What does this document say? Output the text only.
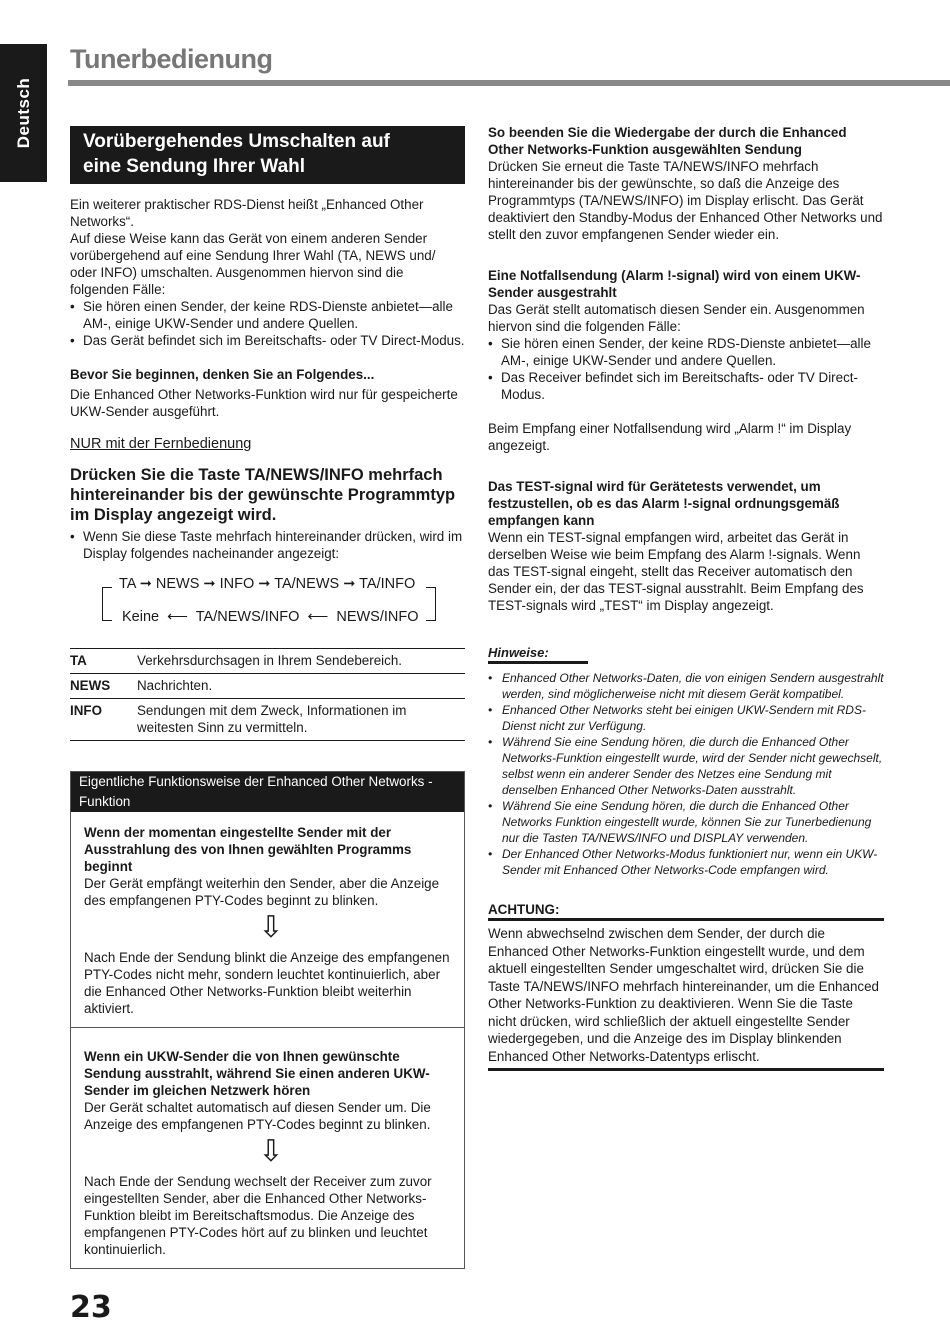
Deutsch
Tunerbedienung
Vorübergehendes Umschalten auf
eine Sendung Ihrer Wahl

Ein weiterer praktischer RDS-Dienst heißt „Enhanced Other Networks“.

Auf diese Weise kann das Gerät von einem anderen Sender vorübergehend auf eine Sendung Ihrer Wahl (TA, NEWS und/ oder INFO) umschalten. Ausgenommen hiervon sind die folgenden Fälle:

• Sie hören einen Sender, der keine RDS-Dienste anbietet—alle AM-, einige UKW-Sender und andere Quellen.
• Das Gerät befindet sich im Bereitschafts- oder TV Direct-Modus.

Bevor Sie beginnen, denken Sie an Folgendes...

Die Enhanced Other Networks-Funktion wird nur für gespeicherte UKW-Sender ausgeführt.

NUR mit der Fernbedienung

Drücken Sie die Taste TA/NEWS/INFO mehrfach hintereinander bis der gewünschte Programmtyp im Display angezeigt wird.

• Wenn Sie diese Taste mehrfach hintereinander drücken, wird im Display folgendes nacheinander angezeigt:
TA ➞ NEWS ➞ INFO ➞ TA/NEWS ➞ TA/INFO
Keine  ⟵  TA/NEWS/INFO  ⟵  NEWS/INFO
TA	Verkehrsdurchsagen in Ihrem Sendebereich.
NEWS	Nachrichten.
INFO	Sendungen mit dem Zweck, Informationen im weitesten Sinn zu vermitteln.
Eigentliche Funktionsweise der Enhanced Other Networks -Funktion

Wenn der momentan eingestellte Sender mit der Ausstrahlung des von Ihnen gewählten Programms beginnt

Der Gerät empfängt weiterhin den Sender, aber die Anzeige des empfangenen PTY-Codes beginnt zu blinken.

⇩

Nach Ende der Sendung blinkt die Anzeige des empfangenen PTY-Codes nicht mehr, sondern leuchtet kontinuierlich, aber die Enhanced Other Networks-Funktion bleibt weiterhin aktiviert.

Wenn ein UKW-Sender die von Ihnen gewünschte Sendung ausstrahlt, während Sie einen anderen UKW-Sender im gleichen Netzwerk hören

Der Gerät schaltet automatisch auf diesen Sender um. Die Anzeige des empfangenen PTY-Codes beginnt zu blinken.

⇩

Nach Ende der Sendung wechselt der Receiver zum zuvor eingestellten Sender, aber die Enhanced Other Networks-Funktion bleibt im Bereitschaftsmodus. Die Anzeige des empfangenen PTY-Codes hört auf zu blinken und leuchtet kontinuierlich.

So beenden Sie die Wiedergabe der durch die Enhanced Other Networks-Funktion ausgewählten Sendung

Drücken Sie erneut die Taste TA/NEWS/INFO mehrfach hintereinander bis der gewünschte, so daß die Anzeige des Programmtyps (TA/NEWS/INFO) im Display erlischt. Das Gerät deaktiviert den Standby-Modus der Enhanced Other Networks und stellt den zuvor empfangenen Sender wieder ein.

Eine Notfallsendung (Alarm !-signal) wird von einem UKW-Sender ausgestrahlt

Das Gerät stellt automatisch diesen Sender ein. Ausgenommen hiervon sind die folgenden Fälle:

• Sie hören einen Sender, der keine RDS-Dienste anbietet—alle AM-, einige UKW-Sender und andere Quellen.
• Das Receiver befindet sich im Bereitschafts- oder TV Direct-Modus.

Beim Empfang einer Notfallsendung wird „Alarm !“ im Display angezeigt.

Das TEST-signal wird für Gerätetests verwendet, um festzustellen, ob es das Alarm !-signal ordnungsgemäß empfangen kann

Wenn ein TEST-signal empfangen wird, arbeitet das Gerät in derselben Weise wie beim Empfang des Alarm !-signals. Wenn das TEST-signal eingeht, stellt das Receiver automatisch den Sender ein, der das TEST-signal ausstrahlt. Beim Empfang des TEST-signals wird „TEST“ im Display angezeigt.

Hinweise:
• Enhanced Other Networks-Daten, die von einigen Sendern ausgestrahlt werden, sind möglicherweise nicht mit diesem Gerät kompatibel.
• Enhanced Other Networks steht bei einigen UKW-Sendern mit RDS-Dienst nicht zur Verfügung.
• Während Sie eine Sendung hören, die durch die Enhanced Other Networks-Funktion eingestellt wurde, wird der Sender nicht gewechselt, selbst wenn ein anderer Sender des Netzes eine Sendung mit denselben Enhanced Other Networks-Daten ausstrahlt.
• Während Sie eine Sendung hören, die durch die Enhanced Other Networks Funktion eingestellt wurde, können Sie zur Tunerbedienung nur die Tasten TA/NEWS/INFO und DISPLAY verwenden.
• Der Enhanced Other Networks-Modus funktioniert nur, wenn ein UKW-Sender mit Enhanced Other Networks-Code empfangen wird.

ACHTUNG:

Wenn abwechselnd zwischen dem Sender, der durch die Enhanced Other Networks-Funktion eingestellt wurde, und dem aktuell eingestellten Sender umgeschaltet wird, drücken Sie die Taste TA/NEWS/INFO mehrfach hintereinander, um die Enhanced Other Networks-Funktion zu deaktivieren. Wenn Sie die Taste nicht drücken, wird schließlich der aktuell eingestellte Sender wiedergegeben, und die Anzeige des im Display blinkenden Enhanced Other Networks-Datentyps erlischt.

23
